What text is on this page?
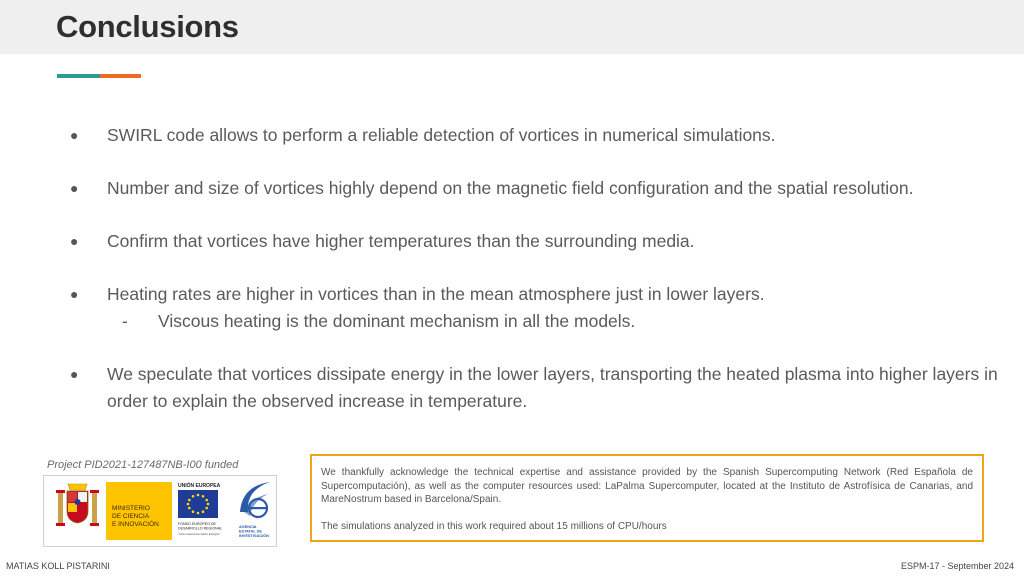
Conclusions
●	SWIRL code allows to perform a reliable detection of vortices in numerical simulations.
●	Number and size of vortices highly depend on the magnetic field configuration and the spatial resolution.
●	Confirm that vortices have higher temperatures than the surrounding media.
●	Heating rates are higher in vortices than in the mean atmosphere just in lower layers.
- Viscous heating is the dominant mechanism in all the models.
●	We speculate that vortices dissipate energy in the lower layers, transporting the heated plasma into higher layers in order to explain the observed increase in temperature.
Project PID2021-127487NB-I00 funded
MINISTERIO
DE CIENCIA
E INNOVACIÓN
UNIÓN EUROPEA
FONDO EUROPEO DE
DESARROLLO REGIONAL
"Una manera de hacer Europa"
AGENCIA
ESTATAL DE
INVESTIGACIÓN

We thankfully acknowledge the technical expertise and assistance provided by the Spanish Supercomputing Network (Red Española de Supercomputación), as well as the computer resources used: LaPalma Supercomputer, located at the Instituto de Astrofísica de Canarias, and MareNostrum based in Barcelona/Spain.

The simulations analyzed in this work required about 15 millions of CPU/hours

MATIAS KOLL PISTARINI	ESPM-17 - September 2024
